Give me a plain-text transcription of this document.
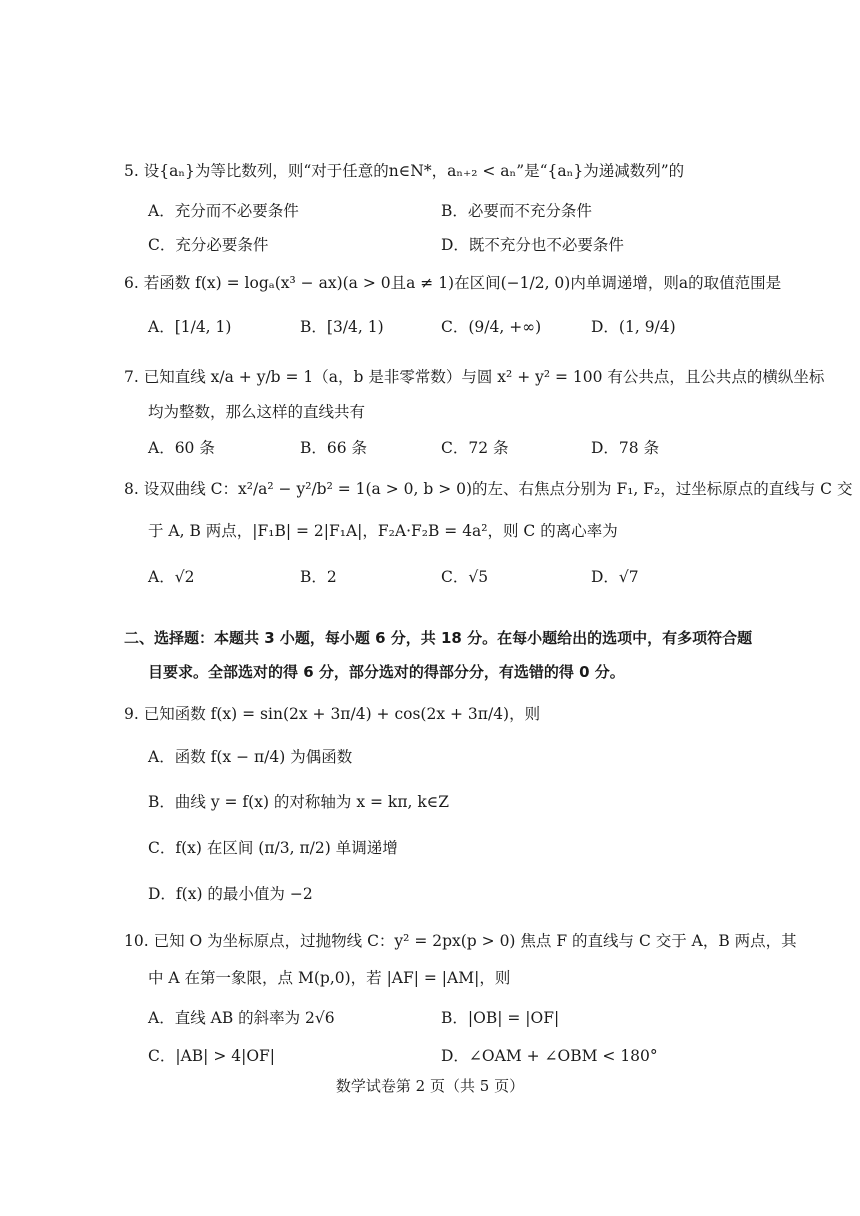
5. 设{aₙ}为等比数列，则“对于任意的n∈N*，aₙ₊₂ < aₙ”是“{aₙ}为递减数列”的
A．充分而不必要条件	B．必要而不充分条件
C．充分必要条件	D．既不充分也不必要条件
6. 若函数 f(x) = logₐ(x³ − ax)(a > 0且a ≠ 1)在区间(−1/2, 0)内单调递增，则a的取值范围是
A．[1/4, 1)	B．[3/4, 1)	C．(9/4, +∞)	D．(1, 9/4)
7. 已知直线 x/a + y/b = 1（a，b 是非零常数）与圆 x² + y² = 100 有公共点，且公共点的横纵坐标
均为整数，那么这样的直线共有
A．60 条	B．66 条	C．72 条	D．78 条
8. 设双曲线 C：x²/a² − y²/b² = 1(a > 0, b > 0)的左、右焦点分别为 F₁, F₂，过坐标原点的直线与 C 交
于 A, B 两点，|F₁B| = 2|F₁A|，F₂A·F₂B = 4a²，则 C 的离心率为
A．√2	B．2	C．√5	D．√7
二、选择题：本题共 3 小题，每小题 6 分，共 18 分。在每小题给出的选项中，有多项符合题
目要求。全部选对的得 6 分，部分选对的得部分分，有选错的得 0 分。
9. 已知函数 f(x) = sin(2x + 3π/4) + cos(2x + 3π/4)，则
A．函数 f(x − π/4) 为偶函数
B．曲线 y = f(x) 的对称轴为 x = kπ, k∈Z
C．f(x) 在区间 (π/3, π/2) 单调递增
D．f(x) 的最小值为 −2
10. 已知 O 为坐标原点，过抛物线 C：y² = 2px(p > 0) 焦点 F 的直线与 C 交于 A，B 两点，其
中 A 在第一象限，点 M(p,0)，若 |AF| = |AM|，则
A．直线 AB 的斜率为 2√6	B．|OB| = |OF|
C．|AB| > 4|OF|	D．∠OAM + ∠OBM < 180°
数学试卷第 2 页（共 5 页）
